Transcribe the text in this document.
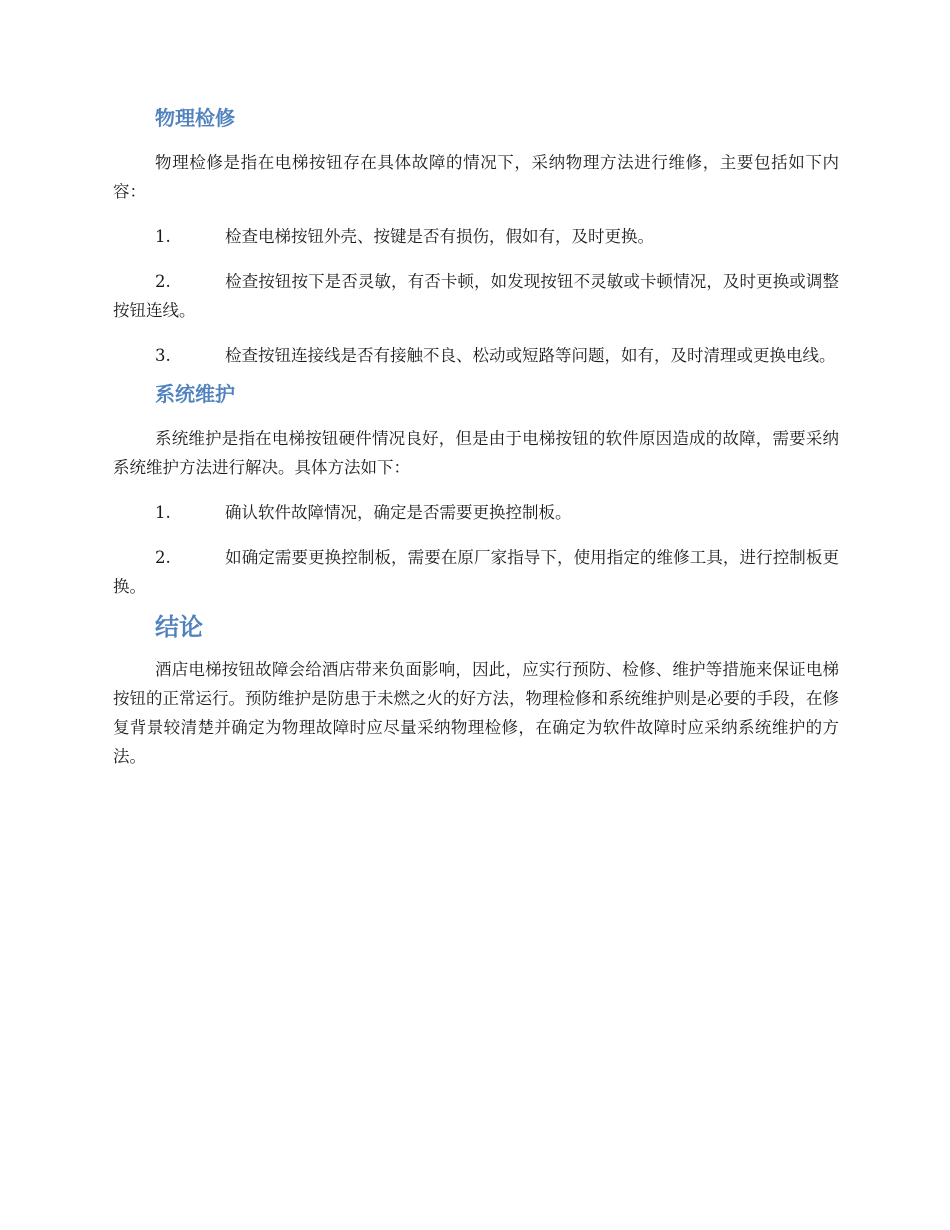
物理检修

物理检修是指在电梯按钮存在具体故障的情况下，采纳物理方法进行维修，主要包括如下内容：

1.	检查电梯按钮外壳、按键是否有损伤，假如有，及时更换。

2.	检查按钮按下是否灵敏，有否卡顿，如发现按钮不灵敏或卡顿情况，及时更换或调整按钮连线。

3.	检查按钮连接线是否有接触不良、松动或短路等问题，如有，及时清理或更换电线。

系统维护

系统维护是指在电梯按钮硬件情况良好，但是由于电梯按钮的软件原因造成的故障，需要采纳系统维护方法进行解决。具体方法如下：

1.	确认软件故障情况，确定是否需要更换控制板。

2.	如确定需要更换控制板，需要在原厂家指导下，使用指定的维修工具，进行控制板更换。

结论

酒店电梯按钮故障会给酒店带来负面影响，因此，应实行预防、检修、维护等措施来保证电梯按钮的正常运行。预防维护是防患于未燃之火的好方法，物理检修和系统维护则是必要的手段，在修复背景较清楚并确定为物理故障时应尽量采纳物理检修，在确定为软件故障时应采纳系统维护的方法。
